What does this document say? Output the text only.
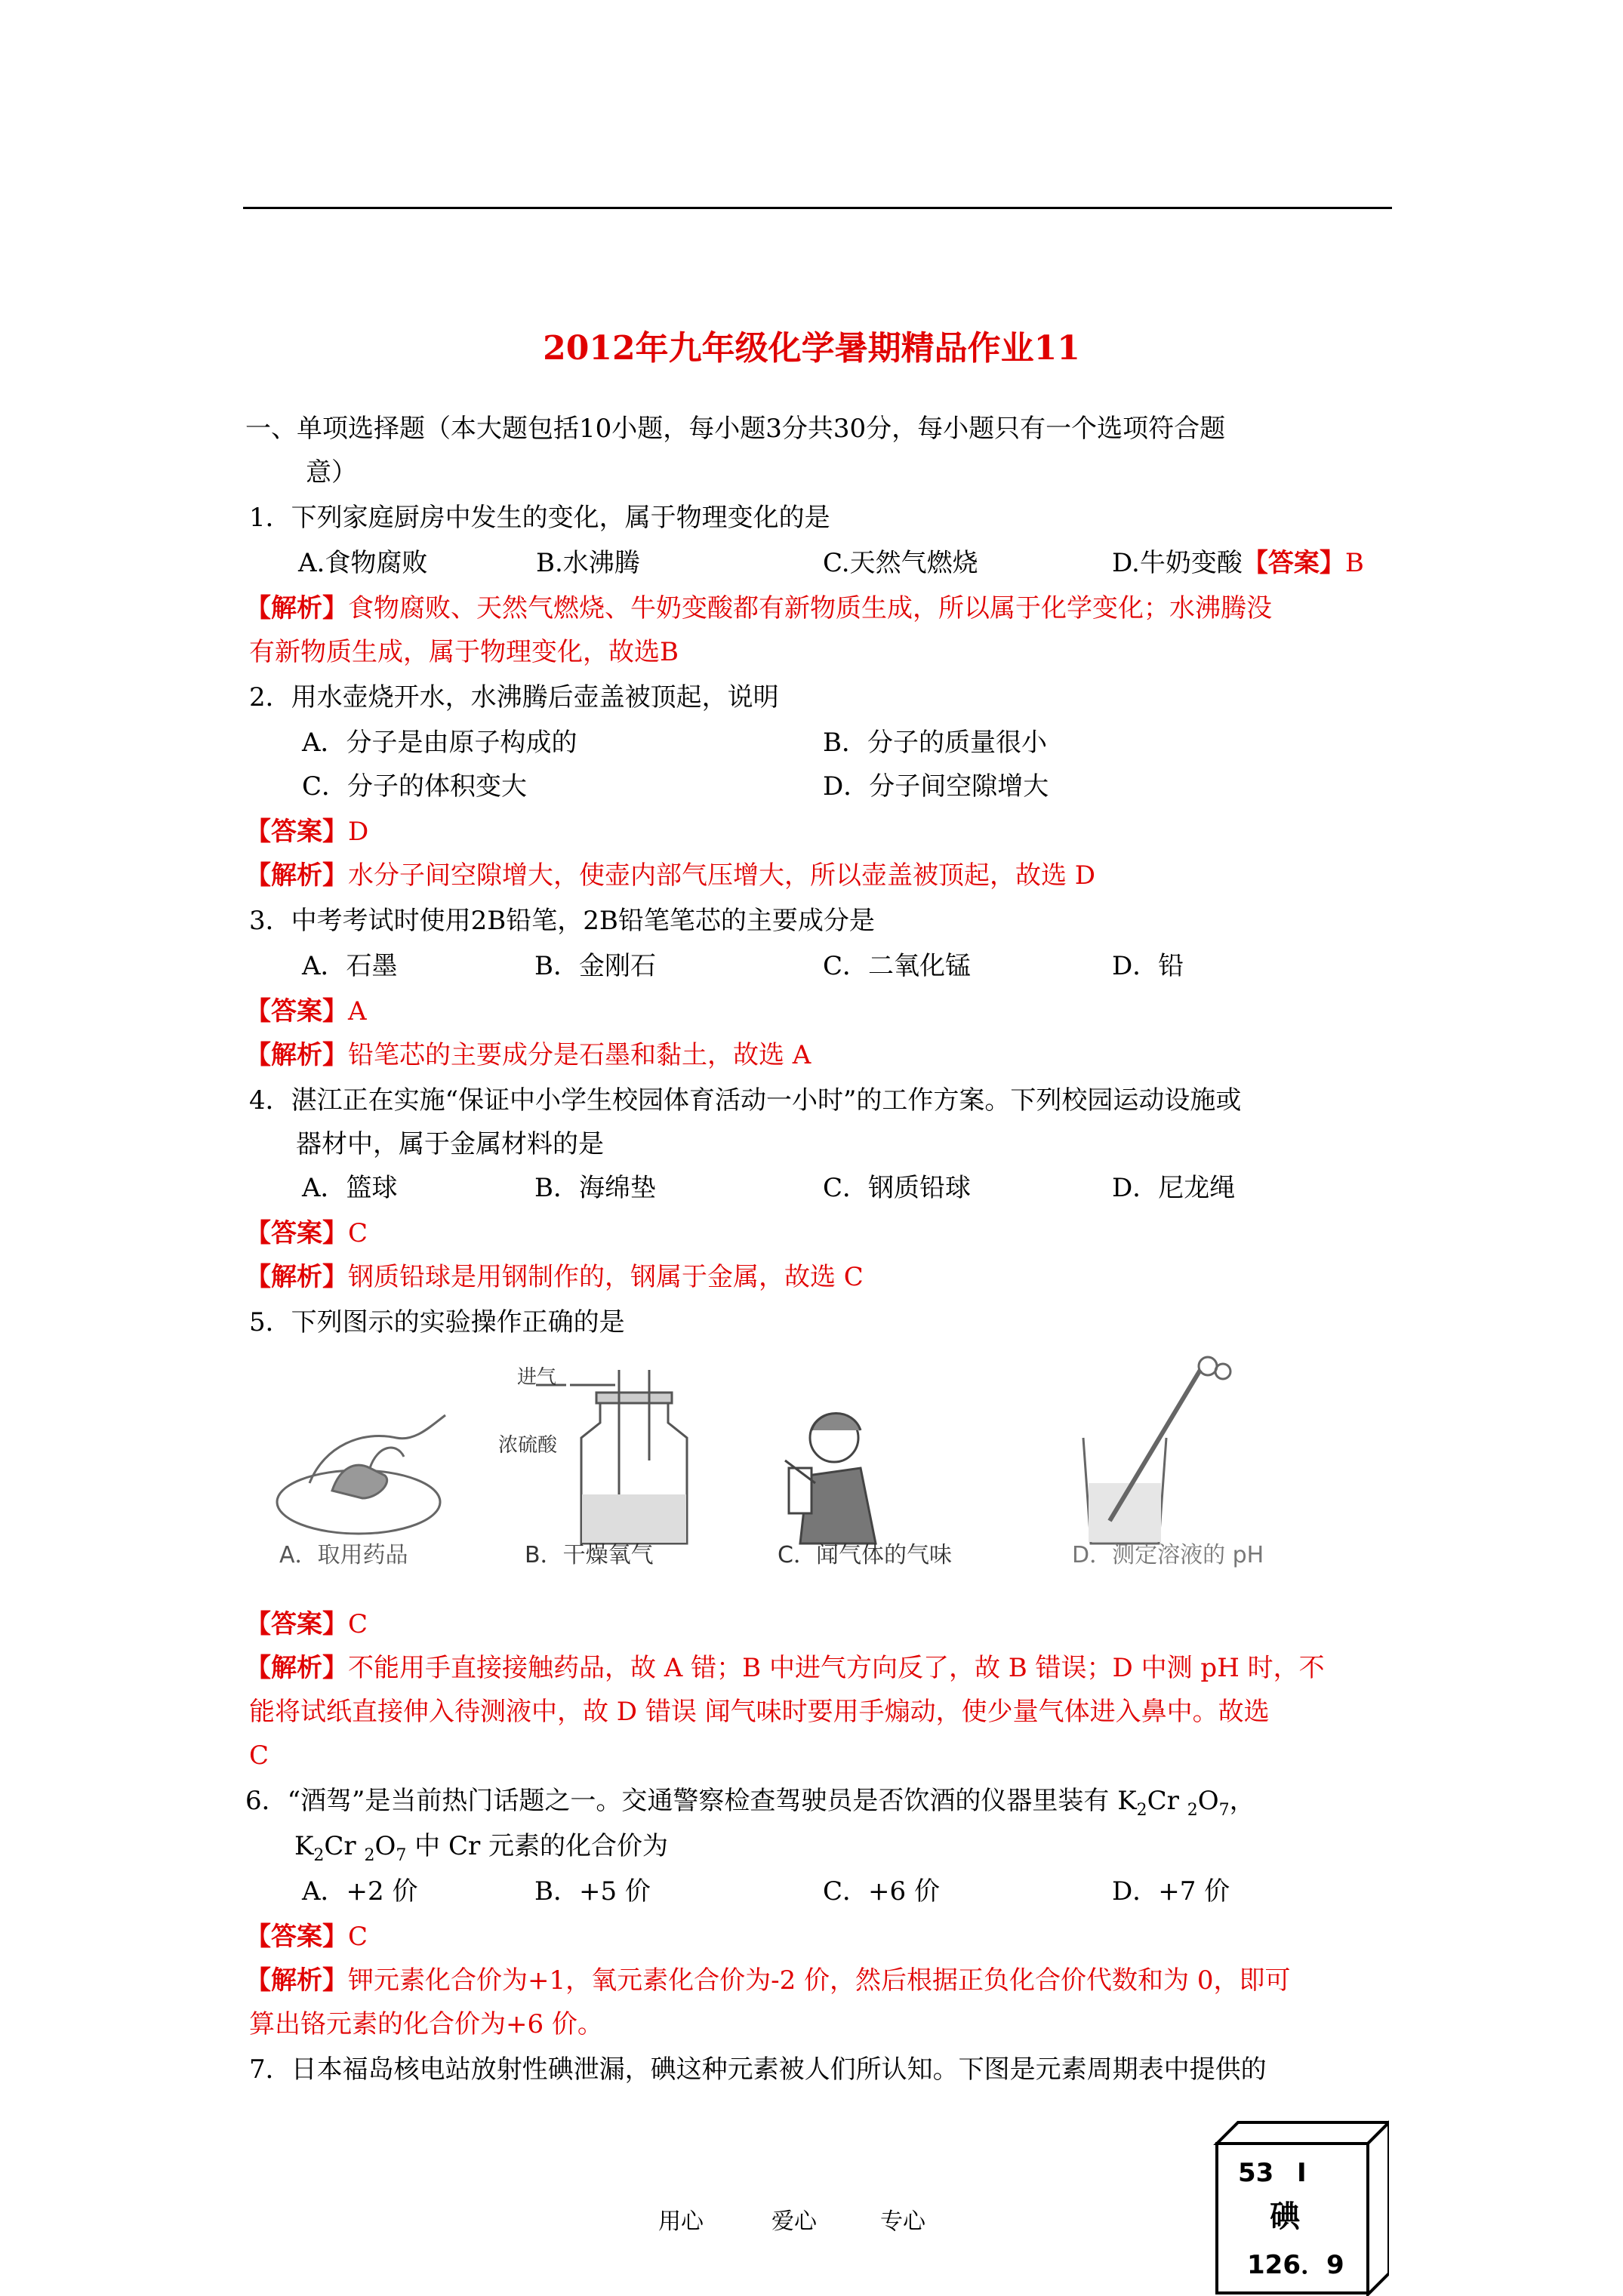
2012年九年级化学暑期精品作业11
一、单项选择题（本大题包括10小题，每小题3分共30分，每小题只有一个选项符合题
意）
1．下列家庭厨房中发生的变化，属于物理变化的是
A.食物腐败	B.水沸腾	C.天然气燃烧	D.牛奶变酸【答案】B
【解析】食物腐败、天然气燃烧、牛奶变酸都有新物质生成，所以属于化学变化；水沸腾没
有新物质生成，属于物理变化，故选B
2．用水壶烧开水，水沸腾后壶盖被顶起，说明
A．分子是由原子构成的	B．分子的质量很小
C．分子的体积变大	D．分子间空隙增大
【答案】D
【解析】水分子间空隙增大，使壶内部气压增大，所以壶盖被顶起，故选 D
3．中考考试时使用2B铅笔，2B铅笔笔芯的主要成分是
A．石墨	B．金刚石	C．二氧化锰	D．铅
【答案】A
【解析】铅笔芯的主要成分是石墨和黏土，故选 A
4．湛江正在实施“保证中小学生校园体育活动一小时”的工作方案。下列校园运动设施或
器材中，属于金属材料的是
A．篮球	B．海绵垫	C．钢质铅球	D．尼龙绳
【答案】C
【解析】钢质铅球是用钢制作的，钢属于金属，故选 C
5．下列图示的实验操作正确的是
A．取用药品
进气
浓硫酸
B．干燥氧气	C．闻气体的气味	D．测定溶液的 pH
【答案】C
【解析】不能用手直接接触药品，故 A 错；B 中进气方向反了，故 B 错误；D 中测 pH 时，不
能将试纸直接伸入待测液中，故 D 错误 闻气味时要用手煽动，使少量气体进入鼻中。故选
C
6．“酒驾”是当前热门话题之一。交通警察检查驾驶员是否饮酒的仪器里装有 $K_2Cr$ $_2O_7$，
$K_2Cr$ $_2O_7$ 中 Cr 元素的化合价为
A．+2 价	B．+5 价	C．+6 价	D．+7 价
【答案】C
【解析】钾元素化合价为+1，氧元素化合价为-2 价，然后根据正负化合价代数和为 0，即可
算出铬元素的化合价为+6 价。
7．日本福岛核电站放射性碘泄漏，碘这种元素被人们所认知。下图是元素周期表中提供的
用心	爱心	专心
53 I
碘
126．9
